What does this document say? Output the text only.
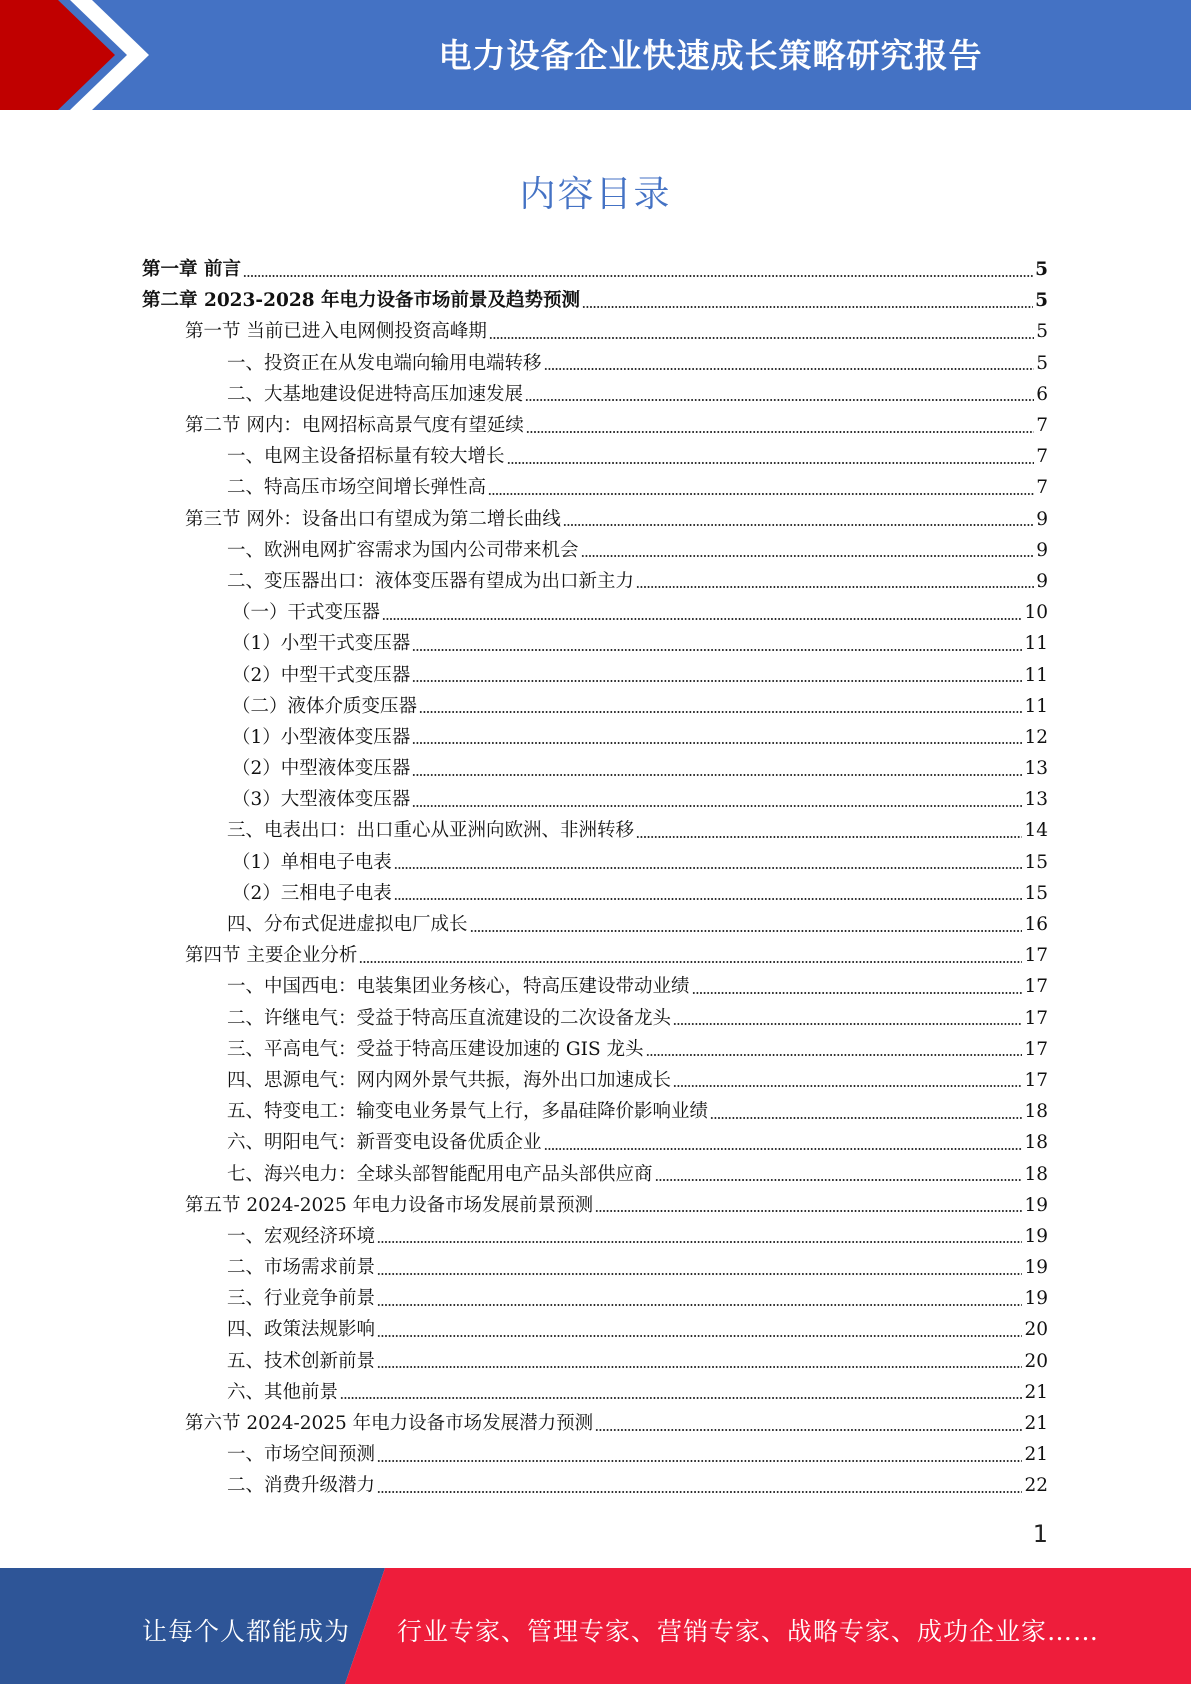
电力设备企业快速成长策略研究报告
内容目录
第一章 前言	5
第二章 2023-2028 年电力设备市场前景及趋势预测	5
第一节 当前已进入电网侧投资高峰期	5
一、投资正在从发电端向输用电端转移	5
二、大基地建设促进特高压加速发展	6
第二节 网内：电网招标高景气度有望延续	7
一、电网主设备招标量有较大增长	7
二、特高压市场空间增长弹性高	7
第三节 网外：设备出口有望成为第二增长曲线	9
一、欧洲电网扩容需求为国内公司带来机会	9
二、变压器出口：液体变压器有望成为出口新主力	9
（一）干式变压器	10
（1）小型干式变压器	11
（2）中型干式变压器	11
（二）液体介质变压器	11
（1）小型液体变压器	12
（2）中型液体变压器	13
（3）大型液体变压器	13
三、电表出口：出口重心从亚洲向欧洲、非洲转移	14
（1）单相电子电表	15
（2）三相电子电表	15
四、分布式促进虚拟电厂成长	16
第四节 主要企业分析	17
一、中国西电：电装集团业务核心，特高压建设带动业绩	17
二、许继电气：受益于特高压直流建设的二次设备龙头	17
三、平高电气：受益于特高压建设加速的 GIS 龙头	17
四、思源电气：网内网外景气共振，海外出口加速成长	17
五、特变电工：输变电业务景气上行，多晶硅降价影响业绩	18
六、明阳电气：新晋变电设备优质企业	18
七、海兴电力：全球头部智能配用电产品头部供应商	18
第五节 2024-2025 年电力设备市场发展前景预测	19
一、宏观经济环境	19
二、市场需求前景	19
三、行业竞争前景	19
四、政策法规影响	20
五、技术创新前景	20
六、其他前景	21
第六节 2024-2025 年电力设备市场发展潜力预测	21
一、市场空间预测	21
二、消费升级潜力	22
1
让每个人都能成为 行业专家、管理专家、营销专家、战略专家、成功企业家……
